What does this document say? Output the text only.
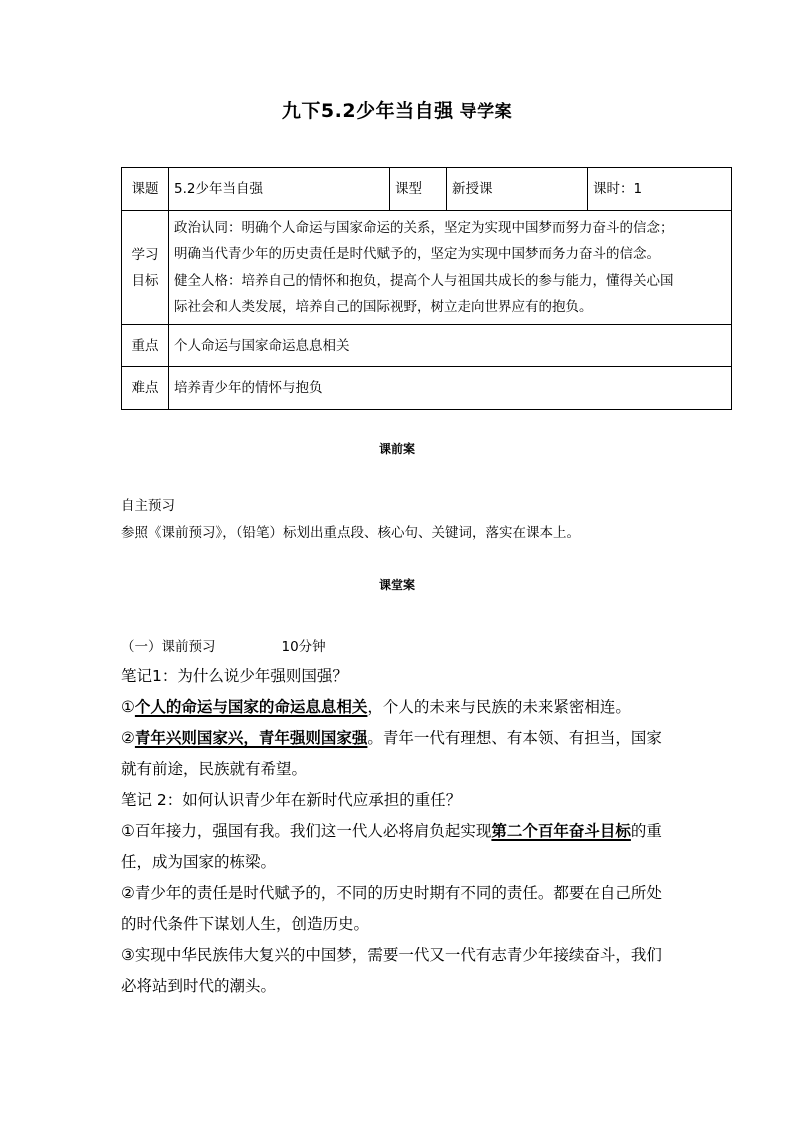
九下5.2少年当自强 导学案
课题	5.2少年当自强	课型	新授课	课时：1

学习目标	政治认同：明确个人命运与国家命运的关系，坚定为实现中国梦而努力奋斗的信念；
明确当代青少年的历史责任是时代赋予的，坚定为实现中国梦而务力奋斗的信念。
健全人格：培养自己的情怀和抱负，提高个人与祖国共成长的参与能力，懂得关心国
际社会和人类发展，培养自己的国际视野，树立走向世界应有的抱负。			

重点	个人命运与国家命运息息相关			
难点	培养青少年的情怀与抱负			
课前案
自主预习
参照《课前预习》，（铅笔）标划出重点段、核心句、关键词，落实在课本上。
课堂案
（一）课前预习	10分钟
笔记1：为什么说少年强则国强？
①个人的命运与国家的命运息息相关，个人的未来与民族的未来紧密相连。
②青年兴则国家兴，青年强则国家强。青年一代有理想、有本领、有担当，国家
就有前途，民族就有希望。
笔记 2：如何认识青少年在新时代应承担的重任？
①百年接力，强国有我。我们这一代人必将肩负起实现第二个百年奋斗目标的重
任，成为国家的栋梁。
②青少年的责任是时代赋予的，不同的历史时期有不同的责任。都要在自己所处
的时代条件下谋划人生，创造历史。
③实现中华民族伟大复兴的中国梦，需要一代又一代有志青少年接续奋斗，我们
必将站到时代的潮头。
